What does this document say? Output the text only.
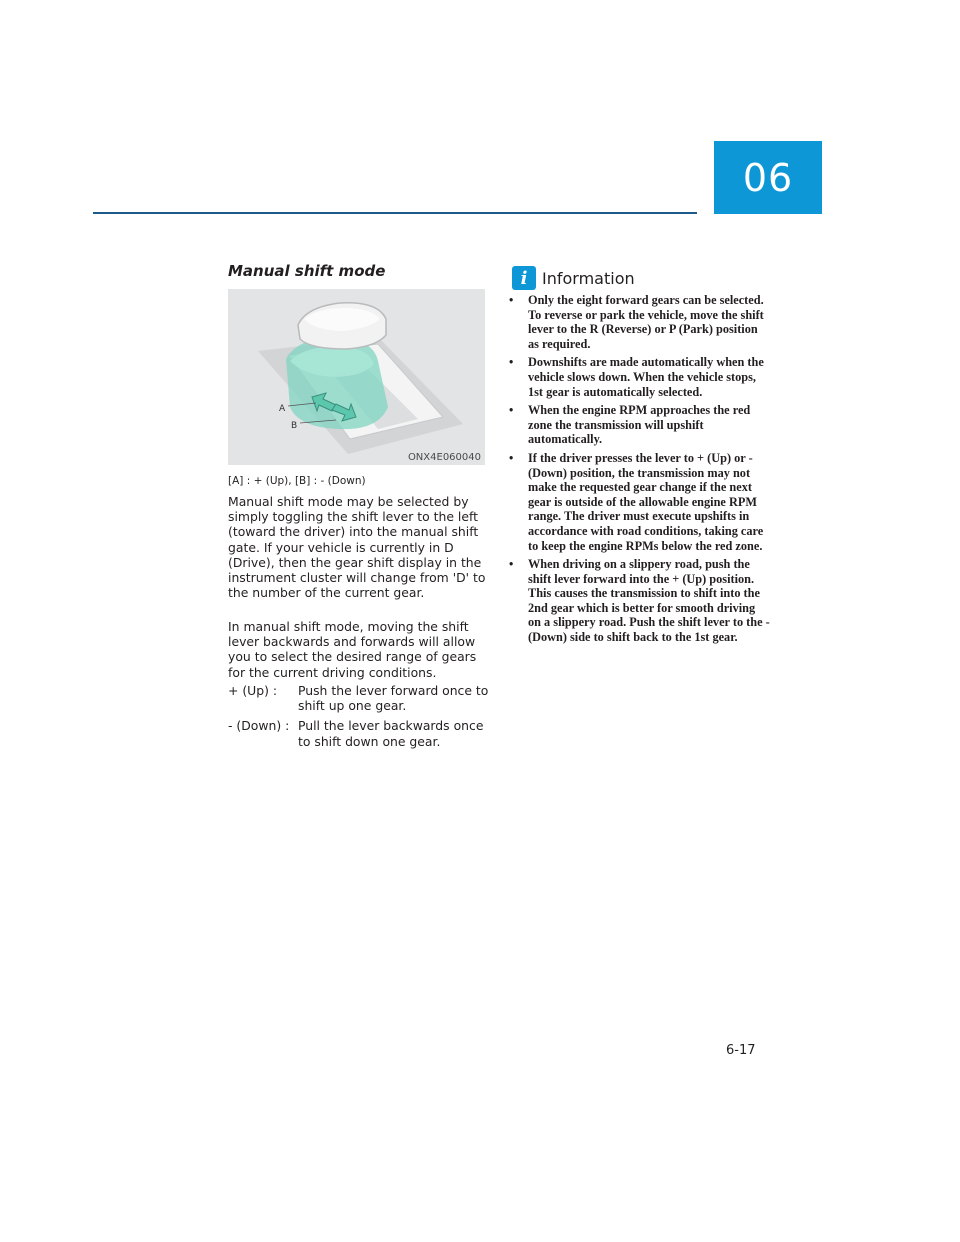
06
Manual shift mode
A
B
ONX4E060040
[A] : + (Up), [B] : - (Down)

Manual shift mode may be selected by simply toggling the shift lever to the left (toward the driver) into the manual shift gate. If your vehicle is currently in D (Drive), then the gear shift display in the instrument cluster will change from 'D' to the number of the current gear.

In manual shift mode, moving the shift lever backwards and forwards will allow you to select the desired range of gears for the current driving conditions.

+ (Up) :	Push the lever forward once to shift up one gear.
- (Down) : Pull the lever backwards once to shift down one gear.
i Information
• Only the eight forward gears can be selected. To reverse or park the vehicle, move the shift lever to the R (Reverse) or P (Park) position as required.
• Downshifts are made automatically when the vehicle slows down. When the vehicle stops, 1st gear is automatically selected.
• When the engine RPM approaches the red zone the transmission will upshift automatically.
• If the driver presses the lever to + (Up) or - (Down) position, the transmission may not make the requested gear change if the next gear is outside of the allowable engine RPM range. The driver must execute upshifts in accordance with road conditions, taking care to keep the engine RPMs below the red zone.
• When driving on a slippery road, push the shift lever forward into the + (Up) position. This causes the transmission to shift into the 2nd gear which is better for smooth driving on a slippery road. Push the shift lever to the - (Down) side to shift back to the 1st gear.
6-17
